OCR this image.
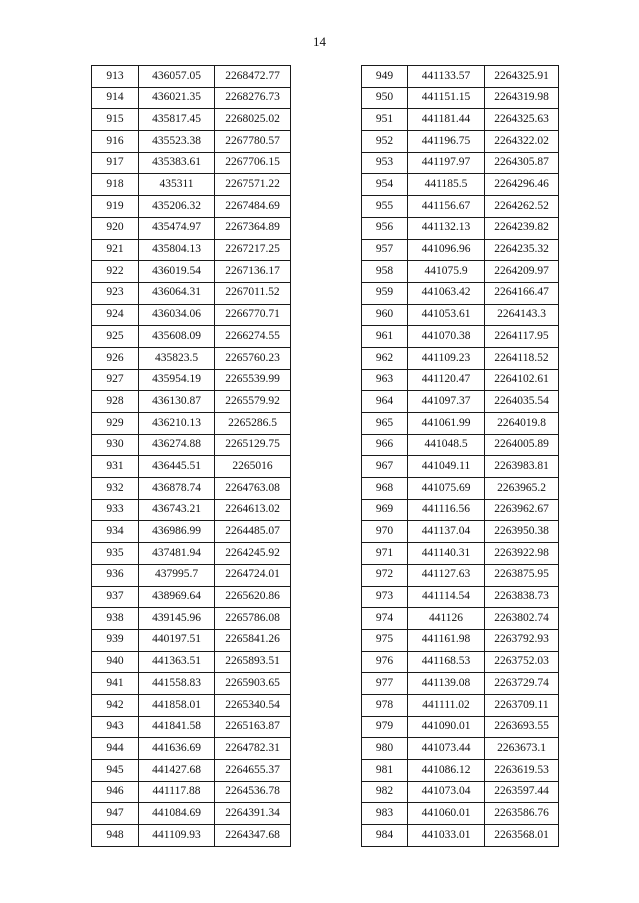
14
913	436057.05	2268472.77
914	436021.35	2268276.73
915	435817.45	2268025.02
916	435523.38	2267780.57
917	435383.61	2267706.15
918	435311	2267571.22
919	435206.32	2267484.69
920	435474.97	2267364.89
921	435804.13	2267217.25
922	436019.54	2267136.17
923	436064.31	2267011.52
924	436034.06	2266770.71
925	435608.09	2266274.55
926	435823.5	2265760.23
927	435954.19	2265539.99
928	436130.87	2265579.92
929	436210.13	2265286.5
930	436274.88	2265129.75
931	436445.51	2265016
932	436878.74	2264763.08
933	436743.21	2264613.02
934	436986.99	2264485.07
935	437481.94	2264245.92
936	437995.7	2264724.01
937	438969.64	2265620.86
938	439145.96	2265786.08
939	440197.51	2265841.26
940	441363.51	2265893.51
941	441558.83	2265903.65
942	441858.01	2265340.54
943	441841.58	2265163.87
944	441636.69	2264782.31
945	441427.68	2264655.37
946	441117.88	2264536.78
947	441084.69	2264391.34
948	441109.93	2264347.68
949	441133.57	2264325.91
950	441151.15	2264319.98
951	441181.44	2264325.63
952	441196.75	2264322.02
953	441197.97	2264305.87
954	441185.5	2264296.46
955	441156.67	2264262.52
956	441132.13	2264239.82
957	441096.96	2264235.32
958	441075.9	2264209.97
959	441063.42	2264166.47
960	441053.61	2264143.3
961	441070.38	2264117.95
962	441109.23	2264118.52
963	441120.47	2264102.61
964	441097.37	2264035.54
965	441061.99	2264019.8
966	441048.5	2264005.89
967	441049.11	2263983.81
968	441075.69	2263965.2
969	441116.56	2263962.67
970	441137.04	2263950.38
971	441140.31	2263922.98
972	441127.63	2263875.95
973	441114.54	2263838.73
974	441126	2263802.74
975	441161.98	2263792.93
976	441168.53	2263752.03
977	441139.08	2263729.74
978	441111.02	2263709.11
979	441090.01	2263693.55
980	441073.44	2263673.1
981	441086.12	2263619.53
982	441073.04	2263597.44
983	441060.01	2263586.76
984	441033.01	2263568.01
